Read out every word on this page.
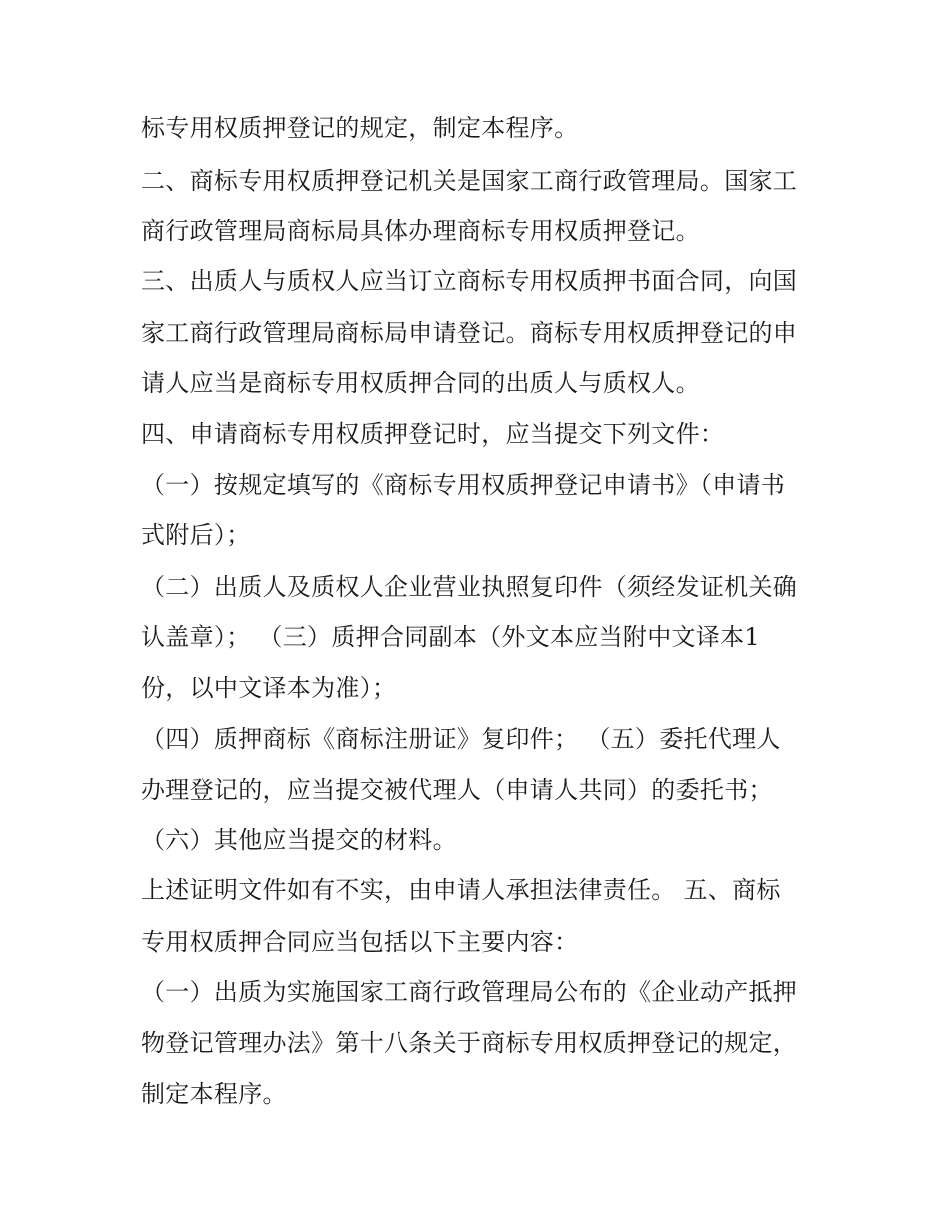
标专用权质押登记的规定，制定本程序。
二、商标专用权质押登记机关是国家工商行政管理局。国家工
商行政管理局商标局具体办理商标专用权质押登记。
三、出质人与质权人应当订立商标专用权质押书面合同，向国
家工商行政管理局商标局申请登记。商标专用权质押登记的申
请人应当是商标专用权质押合同的出质人与质权人。
四、申请商标专用权质押登记时，应当提交下列文件：
（一）按规定填写的《商标专用权质押登记申请书》（申请书
式附后）；
（二）出质人及质权人企业营业执照复印件（须经发证机关确
认盖章）； （三）质押合同副本（外文本应当附中文译本1
份，以中文译本为准）；
（四）质押商标《商标注册证》复印件； （五）委托代理人
办理登记的，应当提交被代理人（申请人共同）的委托书；
（六）其他应当提交的材料。
上述证明文件如有不实，由申请人承担法律责任。 五、商标
专用权质押合同应当包括以下主要内容：
（一）出质为实施国家工商行政管理局公布的《企业动产抵押
物登记管理办法》第十八条关于商标专用权质押登记的规定，
制定本程序。
